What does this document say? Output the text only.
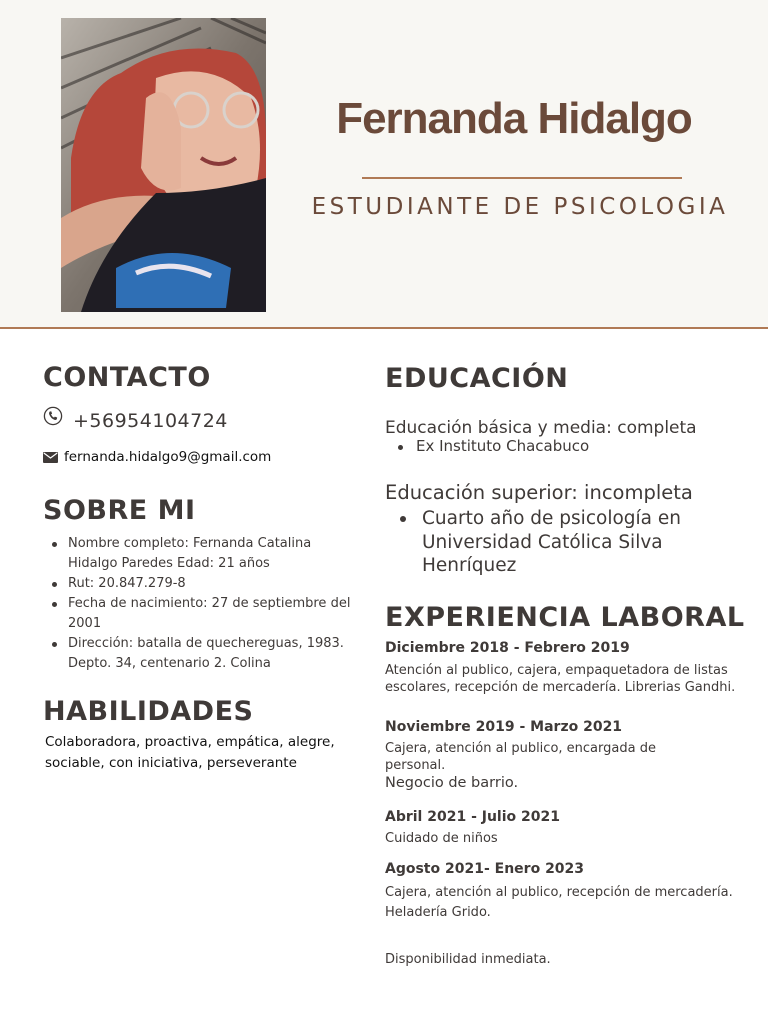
Fernanda Hidalgo
ESTUDIANTE DE PSICOLOGIA
CONTACTO
+56954104724
fernanda.hidalgo9@gmail.com
SOBRE MI
Nombre completo: Fernanda Catalina Hidalgo Paredes Edad: 21 años
Rut: 20.847.279-8
Fecha de nacimiento: 27 de septiembre del 2001
Dirección: batalla de quechereguas, 1983. Depto. 34, centenario 2. Colina
HABILIDADES
Colaboradora, proactiva, empática, alegre, sociable, con iniciativa, perseverante
EDUCACIÓN
Educación básica y media: completa
Ex Instituto Chacabuco
Educación superior: incompleta
Cuarto año de psicología en Universidad Católica Silva Henríquez
EXPERIENCIA LABORAL
Diciembre 2018 - Febrero 2019
Atención al publico, cajera, empaquetadora de listas escolares, recepción de mercadería. Librerias Gandhi.
Noviembre 2019 - Marzo 2021
Cajera, atención al publico, encargada de personal.
Negocio de barrio.
Abril 2021 - Julio 2021
Cuidado de niños
Agosto 2021- Enero 2023
Cajera, atención al publico, recepción de mercadería.
Heladería Grido.
Disponibilidad inmediata.
